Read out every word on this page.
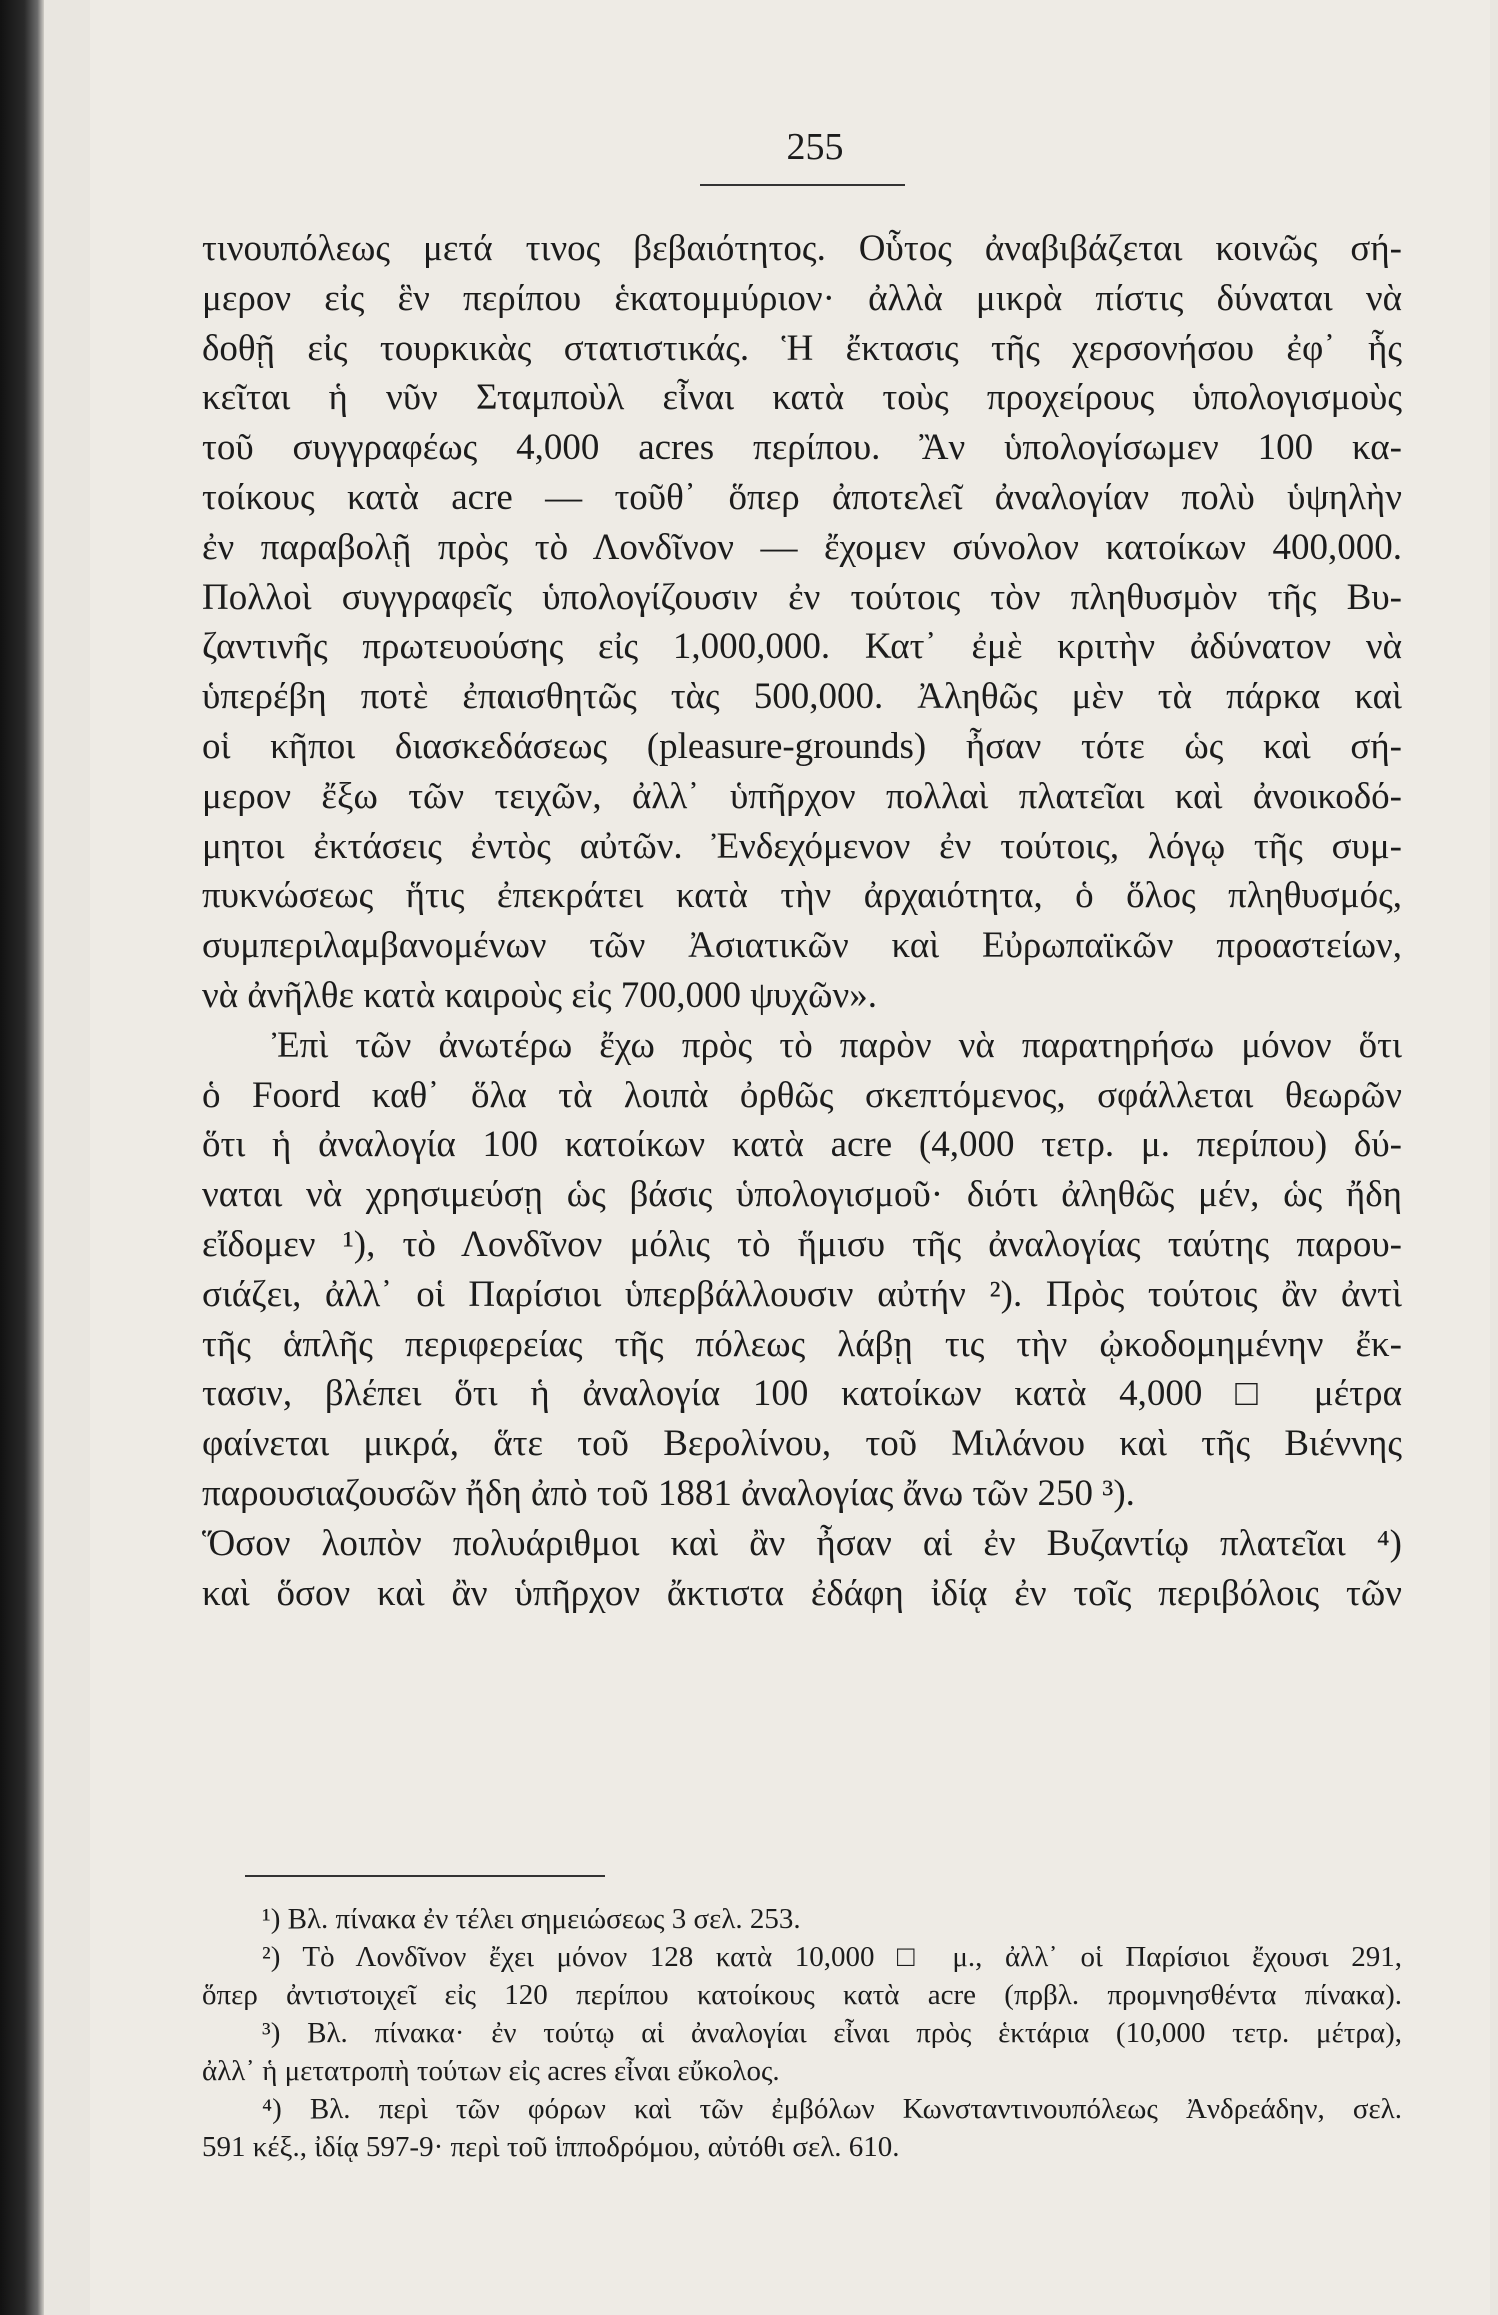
255
τινουπόλεως μετά τινος βεβαιότητος. Οὗτος ἀναβιβάζεται κοινῶς σή-
μερον εἰς ἓν περίπου ἑκατομμύριον· ἀλλὰ μικρὰ πίστις δύναται νὰ
δοθῇ εἰς τουρκικὰς στατιστικάς. Ἡ ἔκτασις τῆς χερσονήσου ἐφ᾽ ἧς
κεῖται ἡ νῦν Σταμποὺλ εἶναι κατὰ τοὺς προχείρους ὑπολογισμοὺς
τοῦ συγγραφέως 4,000 acres περίπου. Ἂν ὑπολογίσωμεν 100 κα-
τοίκους κατὰ acre — τοῦθ᾽ ὅπερ ἀποτελεῖ ἀναλογίαν πολὺ ὑψηλὴν
ἐν παραβολῇ πρὸς τὸ Λονδῖνον — ἔχομεν σύνολον κατοίκων 400,000.
Πολλοὶ συγγραφεῖς ὑπολογίζουσιν ἐν τούτοις τὸν πληθυσμὸν τῆς Βυ-
ζαντινῆς πρωτευούσης εἰς 1,000,000. Κατ᾽ ἐμὲ κριτὴν ἀδύνατον νὰ
ὑπερέβη ποτὲ ἐπαισθητῶς τὰς 500,000. Ἀληθῶς μὲν τὰ πάρκα καὶ
οἱ κῆποι διασκεδάσεως (pleasure-grounds) ἦσαν τότε ὡς καὶ σή-
μερον ἔξω τῶν τειχῶν, ἀλλ᾽ ὑπῆρχον πολλαὶ πλατεῖαι καὶ ἀνοικοδό-
μητοι ἐκτάσεις ἐντὸς αὐτῶν. Ἐνδεχόμενον ἐν τούτοις, λόγῳ τῆς συμ-
πυκνώσεως ἥτις ἐπεκράτει κατὰ τὴν ἀρχαιότητα, ὁ ὅλος πληθυσμός,
συμπεριλαμβανομένων τῶν Ἀσιατικῶν καὶ Εὐρωπαϊκῶν προαστείων,
νὰ ἀνῆλθε κατὰ καιροὺς εἰς 700,000 ψυχῶν».
Ἐπὶ τῶν ἀνωτέρω ἔχω πρὸς τὸ παρὸν νὰ παρατηρήσω μόνον ὅτι
ὁ Foord καθ᾽ ὅλα τὰ λοιπὰ ὀρθῶς σκεπτόμενος, σφάλλεται θεωρῶν
ὅτι ἡ ἀναλογία 100 κατοίκων κατὰ acre (4,000 τετρ. μ. περίπου) δύ-
ναται νὰ χρησιμεύσῃ ὡς βάσις ὑπολογισμοῦ· διότι ἀληθῶς μέν, ὡς ἤδη
εἴδομεν ¹), τὸ Λονδῖνον μόλις τὸ ἥμισυ τῆς ἀναλογίας ταύτης παρου-
σιάζει, ἀλλ᾽ οἱ Παρίσιοι ὑπερβάλλουσιν αὐτήν ²). Πρὸς τούτοις ἂν ἀντὶ
τῆς ἁπλῆς περιφερείας τῆς πόλεως λάβῃ τις τὴν ᾠκοδομημένην ἔκ-
τασιν, βλέπει ὅτι ἡ ἀναλογία 100 κατοίκων κατὰ 4,000 □ μέτρα
φαίνεται μικρά, ἅτε τοῦ Βερολίνου, τοῦ Μιλάνου καὶ τῆς Βιέννης
παρουσιαζουσῶν ἤδη ἀπὸ τοῦ 1881 ἀναλογίας ἄνω τῶν 250 ³).
Ὅσον λοιπὸν πολυάριθμοι καὶ ἂν ἦσαν αἱ ἐν Βυζαντίῳ πλατεῖαι ⁴)
καὶ ὅσον καὶ ἂν ὑπῆρχον ἄκτιστα ἐδάφη ἰδίᾳ ἐν τοῖς περιβόλοις τῶν
¹) Βλ. πίνακα ἐν τέλει σημειώσεως 3 σελ. 253.
²) Τὸ Λονδῖνον ἔχει μόνον 128 κατὰ 10,000 □ μ., ἀλλ᾽ οἱ Παρίσιοι ἔχουσι 291,
ὅπερ ἀντιστοιχεῖ εἰς 120 περίπου κατοίκους κατὰ acre (πρβλ. προμνησθέντα πίνακα).
³) Βλ. πίνακα· ἐν τούτῳ αἱ ἀναλογίαι εἶναι πρὸς ἑκτάρια (10,000 τετρ. μέτρα),
ἀλλ᾽ ἡ μετατροπὴ τούτων εἰς acres εἶναι εὔκολος.
⁴) Βλ. περὶ τῶν φόρων καὶ τῶν ἐμβόλων Κωνσταντινουπόλεως Ἀνδρεάδην, σελ.
591 κέξ., ἰδίᾳ 597-9· περὶ τοῦ ἱπποδρόμου, αὐτόθι σελ. 610.
